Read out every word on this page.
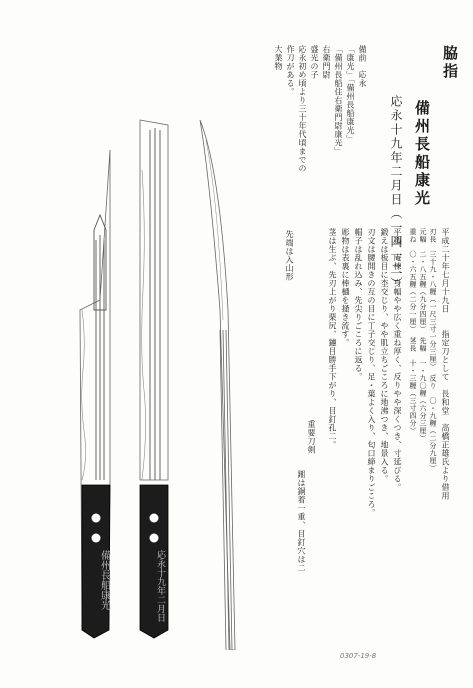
脇指
備州長船康光
応永十九年二月日（一四一二）
備前　応永
「康光」「備州長船康光」
「備州長船住右衛門尉康光」
右衛門尉
盛光の子
応永初め頃より三十年代頃までの
作刀がある。
大業物
平成二十年七月十九日　　指定刀として　長和堂　高橋正雄氏より借用
刃長　三十九・八糎（一尺三寸一分三厘）　反り　〇・九糎（二分九厘）
元幅　二・八五糎（九分四厘）　先幅　一・九〇糎（六分三厘）
重ね　〇・六五糎（二分一厘）　茎長　十・三糎（三寸四分）
平造、庵棟、身幅やや広く重ね厚く、反りやや深くつき、寸延びる。
鍛えは板目に杢交じり、やや肌立ちごころに地沸つき、地景入る。
刃文は腰開きの互の目に丁子交じり、足・葉よく入り、匂口締まりごころ。
帽子は乱れ込み、先尖りごころに返る。
彫物は表裏に棒樋を掻き流す。
茎は生ぶ、先刃上がり栗尻、鑢目勝手下がり、目釘孔二。
重要刀剣
鎺は銅着一重、目釘穴は二
先端は入山形
備州長船康光	応永十九年二月日
0307-19-8
